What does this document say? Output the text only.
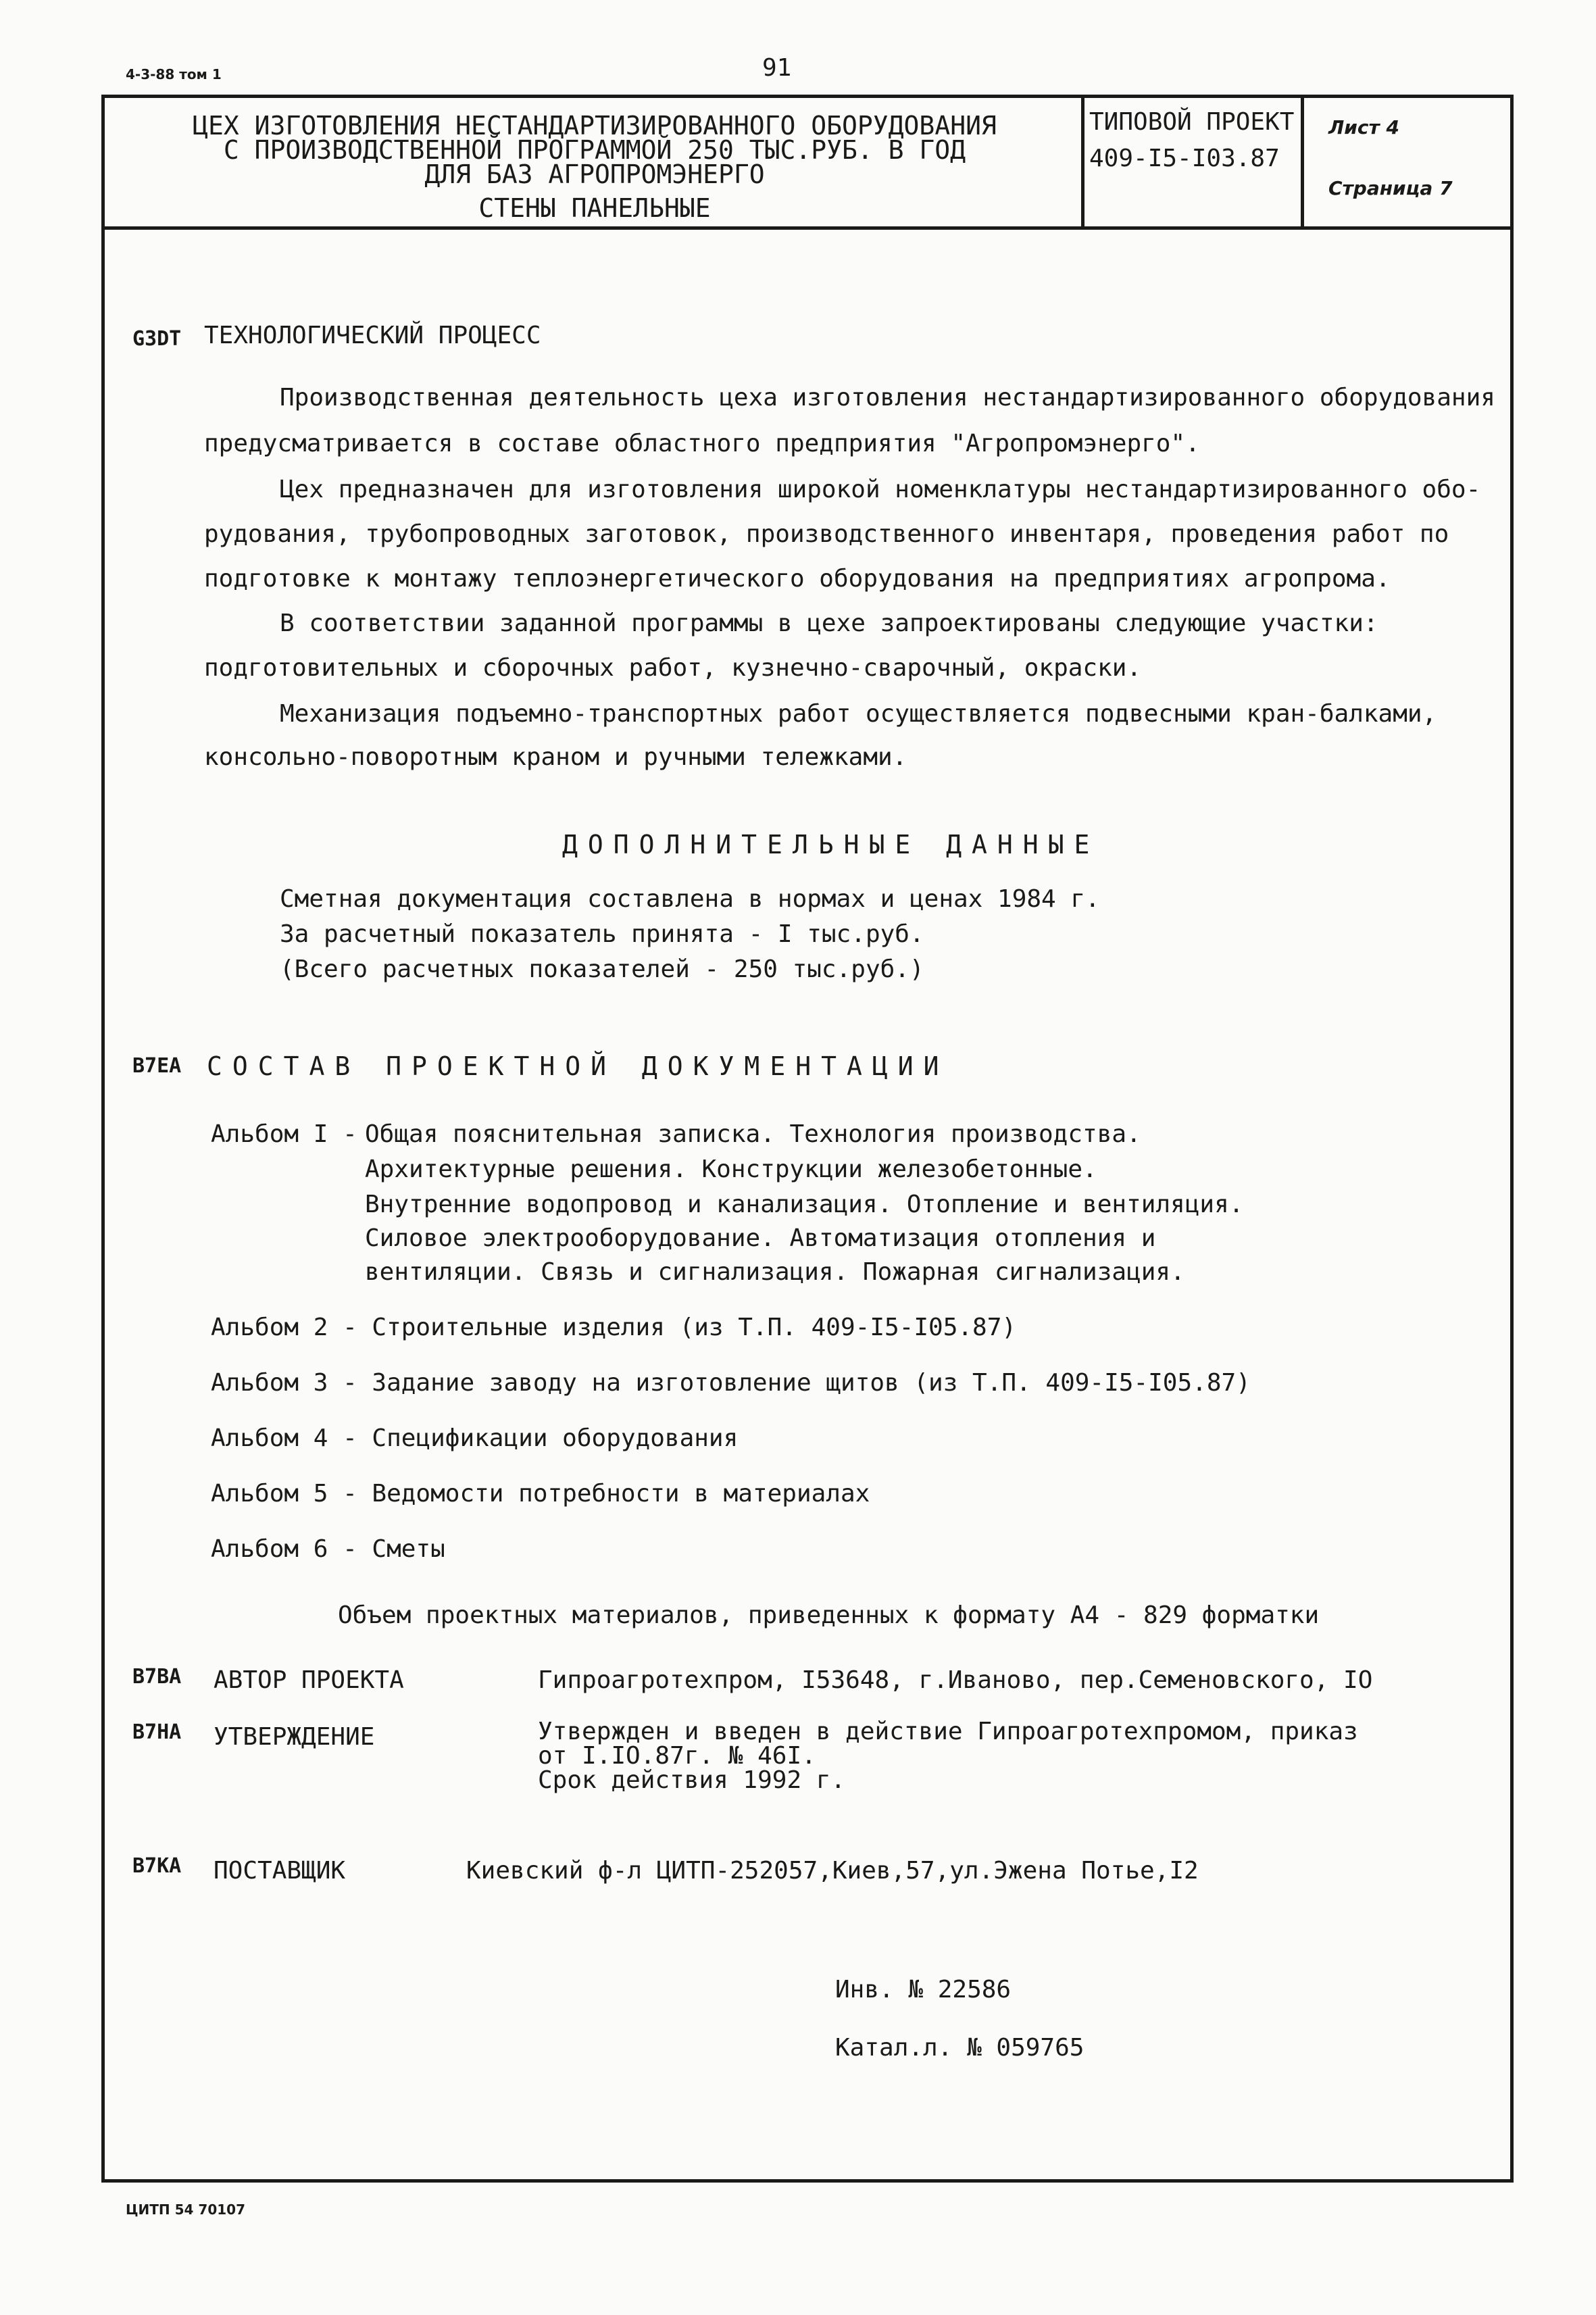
4-3-88 том 1	91
ЦЕХ ИЗГОТОВЛЕНИЯ НЕСТАНДАРТИЗИРОВАННОГО ОБОРУДОВАНИЯ
С ПРОИЗВОДСТВЕННОЙ ПРОГРАММОЙ 250 ТЫС.РУБ. В ГОД
ДЛЯ БАЗ АГРОПРОМЭНЕРГО
СТЕНЫ ПАНЕЛЬНЫЕ
ТИПОВОЙ ПРОЕКТ
409-I5-I03.87
Лист 4
Страница 7
G3DT ТЕХНОЛОГИЧЕСКИЙ ПРОЦЕСС
Производственная деятельность цеха изготовления нестандартизированного оборудования
предусматривается в составе областного предприятия "Агропромэнерго".
Цех предназначен для изготовления широкой номенклатуры нестандартизированного обо-
рудования, трубопроводных заготовок, производственного инвентаря, проведения работ по
подготовке к монтажу теплоэнергетического оборудования на предприятиях агропрома.
В соответствии заданной программы в цехе запроектированы следующие участки:
подготовительных и сборочных работ, кузнечно-сварочный, окраски.
Механизация подъемно-транспортных работ осуществляется подвесными кран-балками,
консольно-поворотным краном и ручными тележками.
ДОПОЛНИТЕЛЬНЫЕ ДАННЫЕ
Сметная документация составлена в нормах и ценах 1984 г.
За расчетный показатель принята - I тыс.руб.
(Всего расчетных показателей - 250 тыс.руб.)
B7EA СОСТАВ ПРОЕКТНОЙ ДОКУМЕНТАЦИИ
Альбом I - Общая пояснительная записка. Технология производства.
Архитектурные решения. Конструкции железобетонные.
Внутренние водопровод и канализация. Отопление и вентиляция.
Силовое электрооборудование. Автоматизация отопления и
вентиляции. Связь и сигнализация. Пожарная сигнализация.
Альбом 2 - Строительные изделия (из Т.П. 409-I5-I05.87)
Альбом 3 - Задание заводу на изготовление щитов (из Т.П. 409-I5-I05.87)
Альбом 4 - Спецификации оборудования
Альбом 5 - Ведомости потребности в материалах
Альбом 6 - Сметы
Объем проектных материалов, приведенных к формату А4 - 829 форматки
B7BA АВТОР ПРОЕКТА	Гипроагротехпром, I53648, г.Иваново, пер.Семеновского, IO
B7HA УТВЕРЖДЕНИЕ	Утвержден и введен в действие Гипроагротехпромом, приказ
от I.IO.87г. № 46I.
Срок действия 1992 г.
B7KA ПОСТАВЩИК	Киевский ф-л ЦИТП-252057,Киев,57,ул.Эжена Потье,I2
Инв. № 22586
Катал.л. № 059765
ЦИТП 54 70107
